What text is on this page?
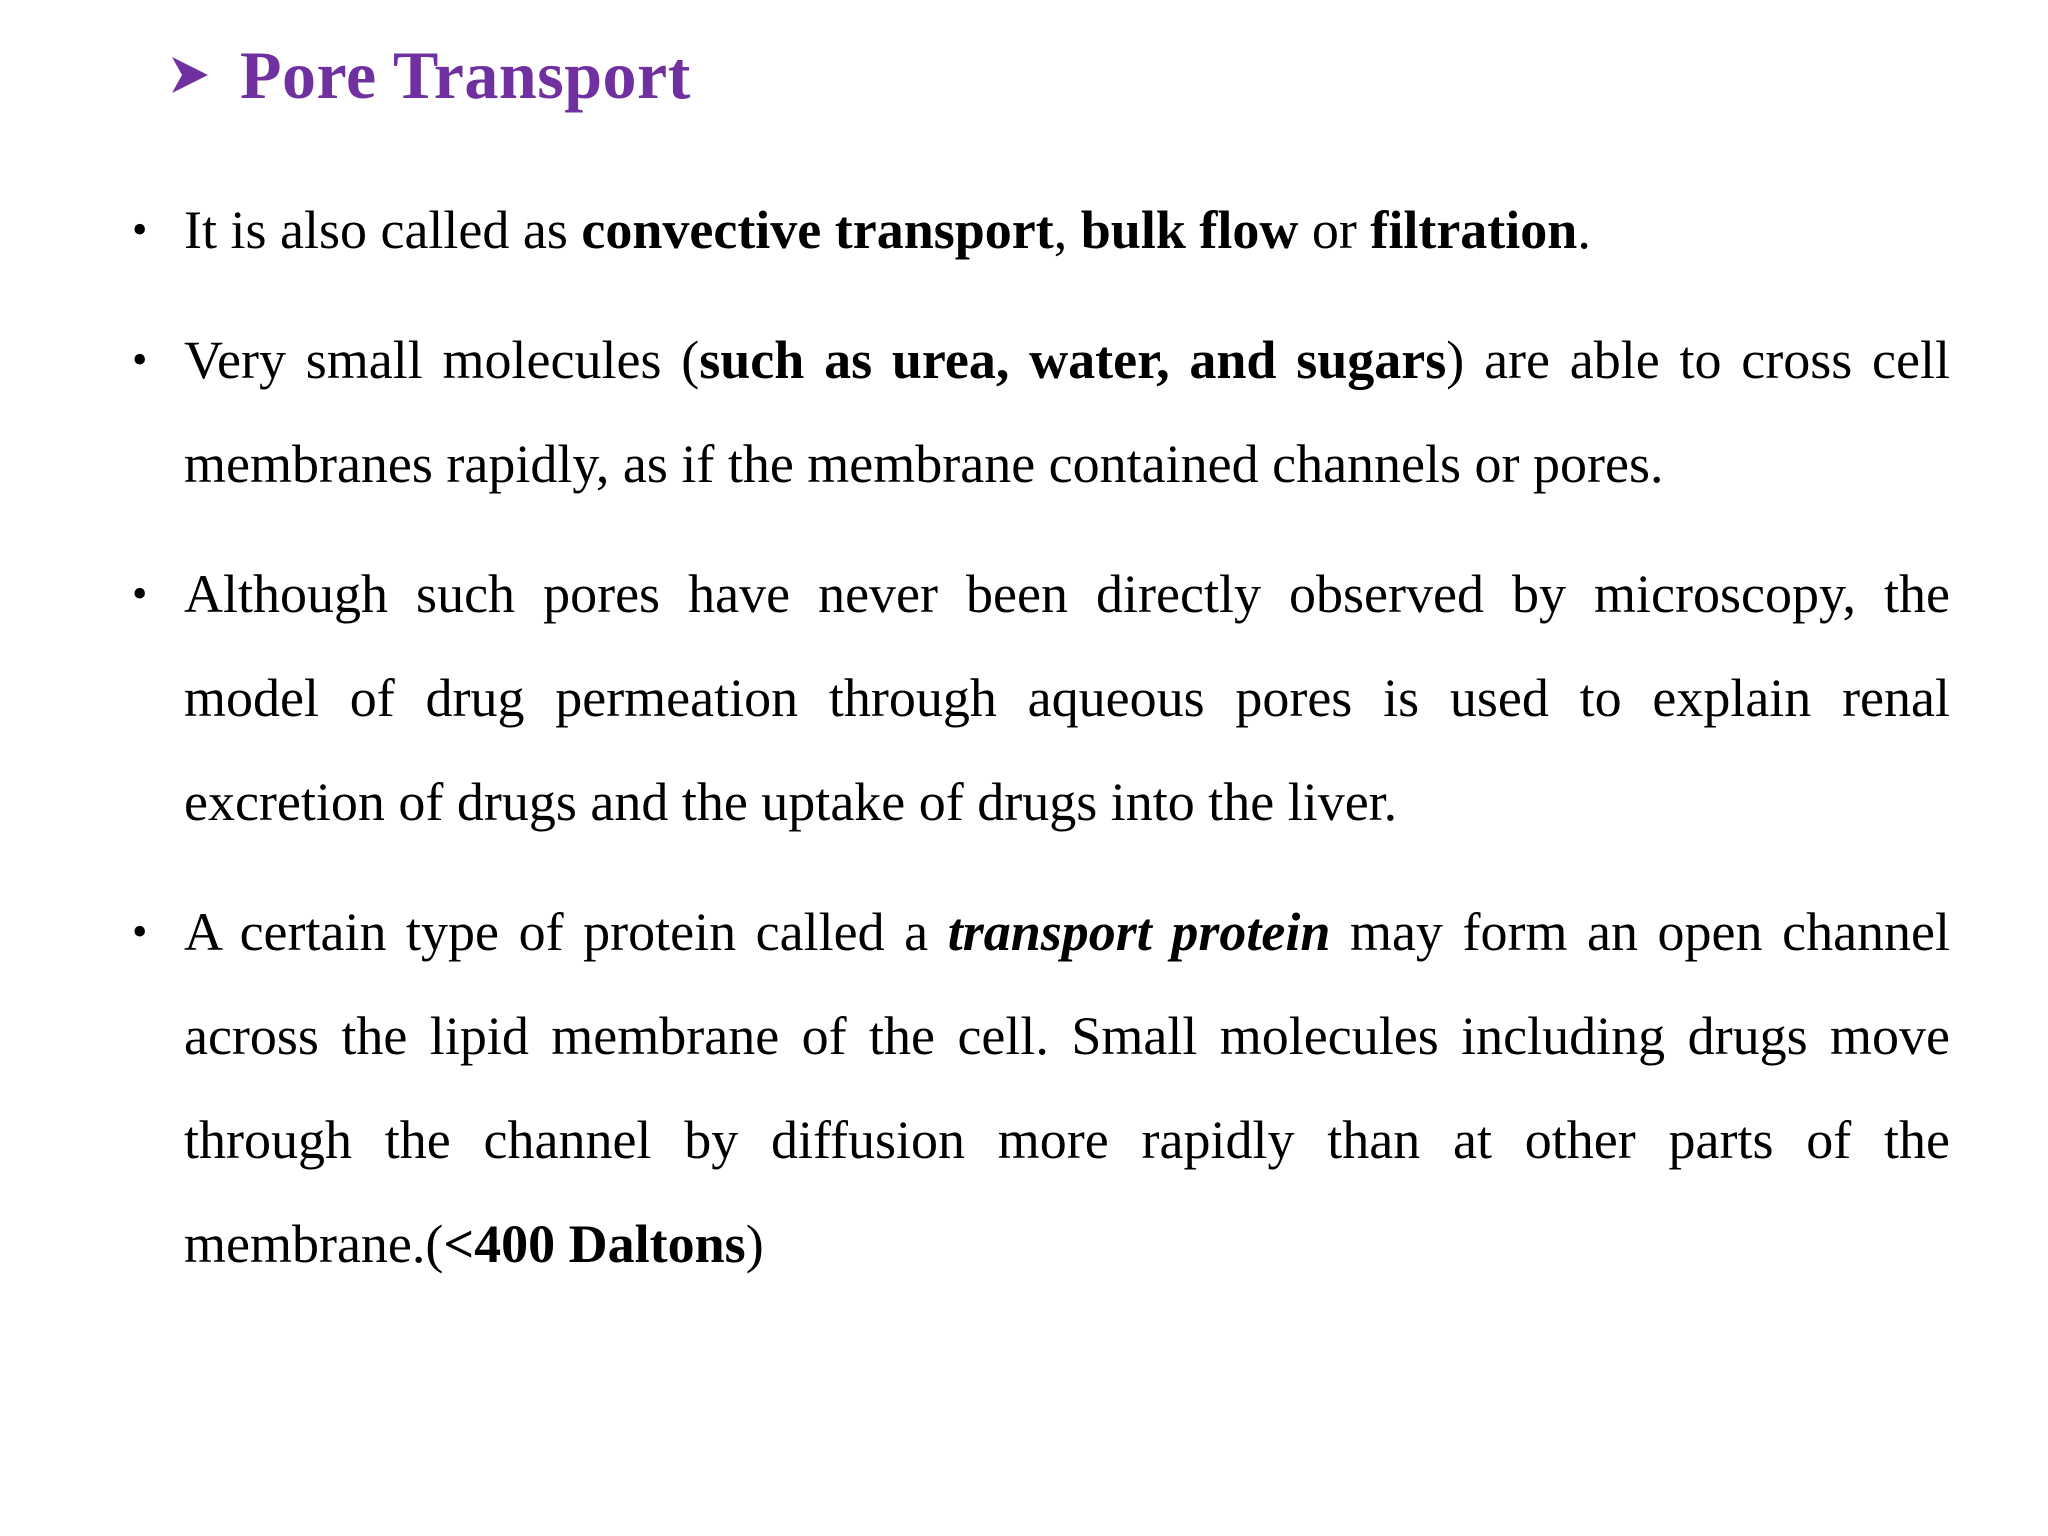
Pore Transport
• It is also called as convective transport, bulk flow or filtration.
• Very small molecules (such as urea, water, and sugars) are able to cross cell membranes rapidly, as if the membrane contained channels or pores.
• Although such pores have never been directly observed by microscopy, the model of drug permeation through aqueous pores is used to explain renal excretion of drugs and the uptake of drugs into the liver.
• A certain type of protein called a transport protein may form an open channel across the lipid membrane of the cell. Small molecules including drugs move through the channel by diffusion more rapidly than at other parts of the membrane.(<400 Daltons)
